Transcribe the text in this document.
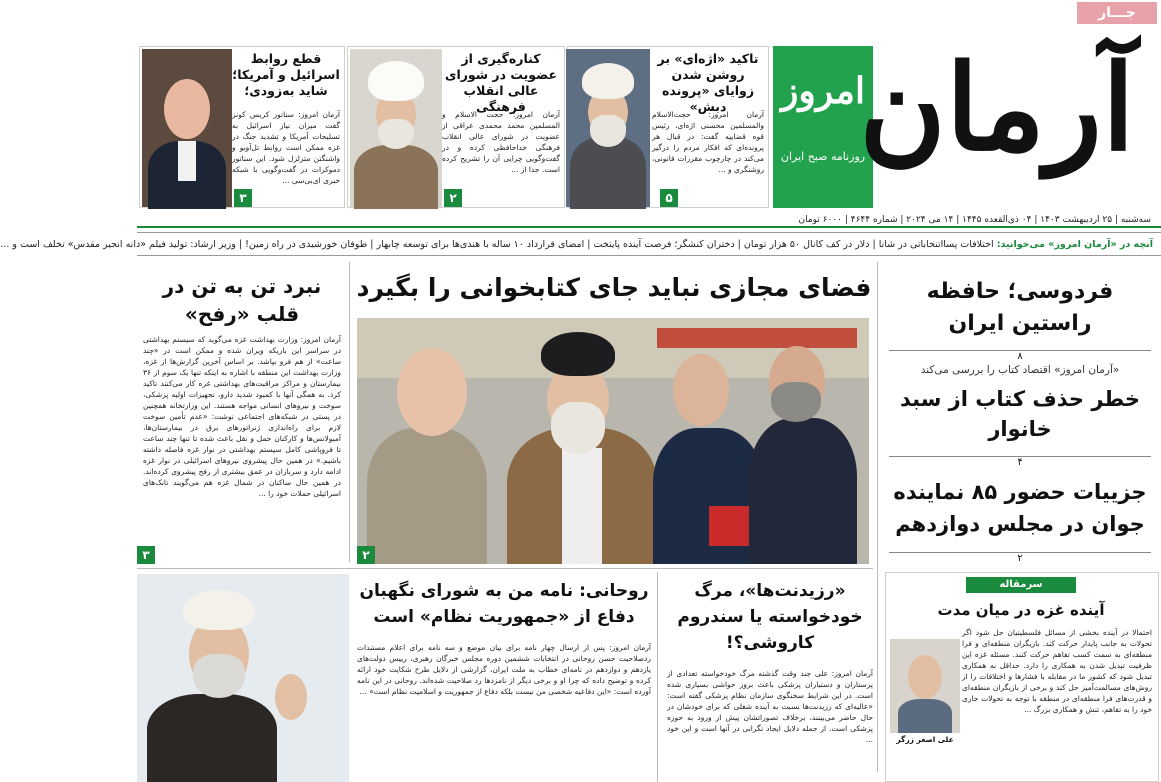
جـــار
آرمان
امروز
روزنامه صبح ایران
تاکید «اژه‌ای» بر روشن شدن زوایای «پرونده دبش»
آرمان امروز: حجت‌الاسلام والمسلمین محسنی اژه‌ای، رئیس قوه قضاییه گفت: در قبال هر پرونده‌ای که افکار مردم را درگیر می‌کند در چارچوب مقررات قانونی، روشنگری و ...
۵
کناره‌گیری از عضویت در شورای عالی انقلاب فرهنگی
آرمان امروز: حجت الاسلام و المسلمین محمد محمدی عراقی از عضویت در شورای عالی انقلاب فرهنگی خداحافظی کرده و در گفت‌وگویی چرایی آن را تشریح کرده است. جدا از ...
۲
قطع روابط اسرائیل و آمریکا؛ شاید به‌زودی؛
آرمان امروز: سناتور کریس کونز گفت میزان نیاز اسرائیل به تسلیحات آمریکا و تشدید جنگ در غزه ممکن است روابط تل‌آویو و واشنگتن متزلزل شود. این سناتور دموکرات در گفت‌وگویی با شبکه خبری ای‌بی‌سی ...
۳
سه‌شنبه | ۲۵ اردیبهشت ۱۴۰۳ | ۰۴ ذی‌القعده ۱۴۴۵ | ۱۴ می ۲۰۲۴ | شماره ۴۶۴۴ | ۶۰۰۰ تومان
آنچه در «آرمان امروز» می‌خوانید: اختلافات پسااتنخاباتی در شانا | دلار در کف کانال ۵۰ هزار تومان | دختران کنشگر؛ فرصت آینده پایتخت | امضای قرارداد ۱۰ ساله با هندی‌ها برای توسعه چابهار | طوفان خورشیدی در راه زمین! | وزیر ارشاد: تولید فیلم «دانه انجیر مقدس» تخلف است و ...
فردوسی؛ حافظه راستین ایران
۸
«آرمان امروز» اقتصاد کتاب را بررسی می‌کند
خطر حذف کتاب از سبد خانوار
۴
جزییات حضور ۸۵ نماینده جوان در مجلس دوازدهم
۲
فضای مجازی نباید جای کتابخوانی را بگیرد
۲
نبرد تن به تن در قلب «رفح»
آرمان امروز: وزارت بهداشت غزه می‌گوید که سیستم بهداشتی در سراسر این باریکه ویران شده و ممکن است در «چند ساعت» از هم فرو بپاشد. بر اساس آخرین گزارش‌ها از غزه، وزارت بهداشت این منطقه با اشاره به اینکه تنها یک سوم از ۳۶ بیمارستان و مراکز مراقبت‌های بهداشتی غزه کار می‌کنند تاکید کرد. به همگی آنها با کمبود شدید دارو، تجهیزات اولیه پزشکی، سوخت و نیروهای انسانی مواجه هستند. این وزارتخانه همچنین در پستی در شبکه‌های اجتماعی نوشت: «عدم تأمین سوخت لازم برای راه‌اندازی ژنراتورهای برق در بیمارستان‌ها، آمبولانس‌ها و کارکنان حمل و نقل باعث شده تا تنها چند ساعت تا فروپاشی کامل سیستم بهداشتی در نوار غزه فاصله داشته باشیم.» در همین حال پیشروی نیروهای اسرائیلی در نوار غزه ادامه دارد و سربازان در عمق بیشتری از رفح پیشروی کرده‌اند. در همین حال ساکنان در شمال غزه هم می‌گویند تانک‌های اسرائیلی حملات خود را ...
۳
سرمقاله
آینده غزه در میان مدت
احتمالا در آینده بخشی از مسائل فلسطینیان حل شود اگر تحولات به جانب پایدار حرکت کند. بازیگران منطقه‌ای و فرا منطقه‌ای به سمت کسب تفاهم حرکت کنند. مسئله غزه این ظرفیت تبدیل شدن به همکاری را دارد. حداقل به همکاری تبدیل شود که کشور ما در مقابله با فشارها و اختلافات را از روش‌های مسالمت‌آمیز حل کند و برخی از بازیگران منطقه‌ای و قدرت‌های فرا منطقه‌ای در منطقه با توجه به تحولات جاری خود را به تفاهم، تنش و همکاری بزرگ ...
علی اصغر زرگر
«رزیدنت‌ها»، مرگ خودخواسته یا سندروم کاروشی؟!
آرمان امروز: علی جند وقت گذشته مرگ خودخواسته تعدادی از پرستاران و دستیاران پزشکی باعث بروز حواشی بسیاری شده است. در این شرایط سخنگوی سازمان نظام پزشکی گفته است: «عالیه‌ای که رزیدنت‌ها نسبت به آینده شغلی که برای خودشان در حال حاضر می‌بینند، برخلاف تصوراتشان پیش از ورود به حوزه پزشکی است. از جمله دلایل ایجاد نگرانی در آنها است و این خود ...
روحانی: نامه من به شورای نگهبان دفاع از «جمهوریت نظام» است
آرمان امروز: پس از ارسال چهار نامه برای بیان موضع و سه نامه برای اعلام مستندات ردصلاحیت حسن روحانی در انتخابات ششمین دوره مجلس خبرگان رهبری، رییس دولت‌های یازدهم و دوازدهم در نامه‌ای خطاب به ملت ایران، گزارشی از دلایل طرح شکایت خود ارائه کرده و توضیح داده که چرا او و برخی دیگر از نامزدها رد صلاحیت شده‌اند. روحانی در این نامه آورده است: «این دفاعیه شخصی من نیست بلکه دفاع از جمهوریت و اسلامیت نظام است» ...
